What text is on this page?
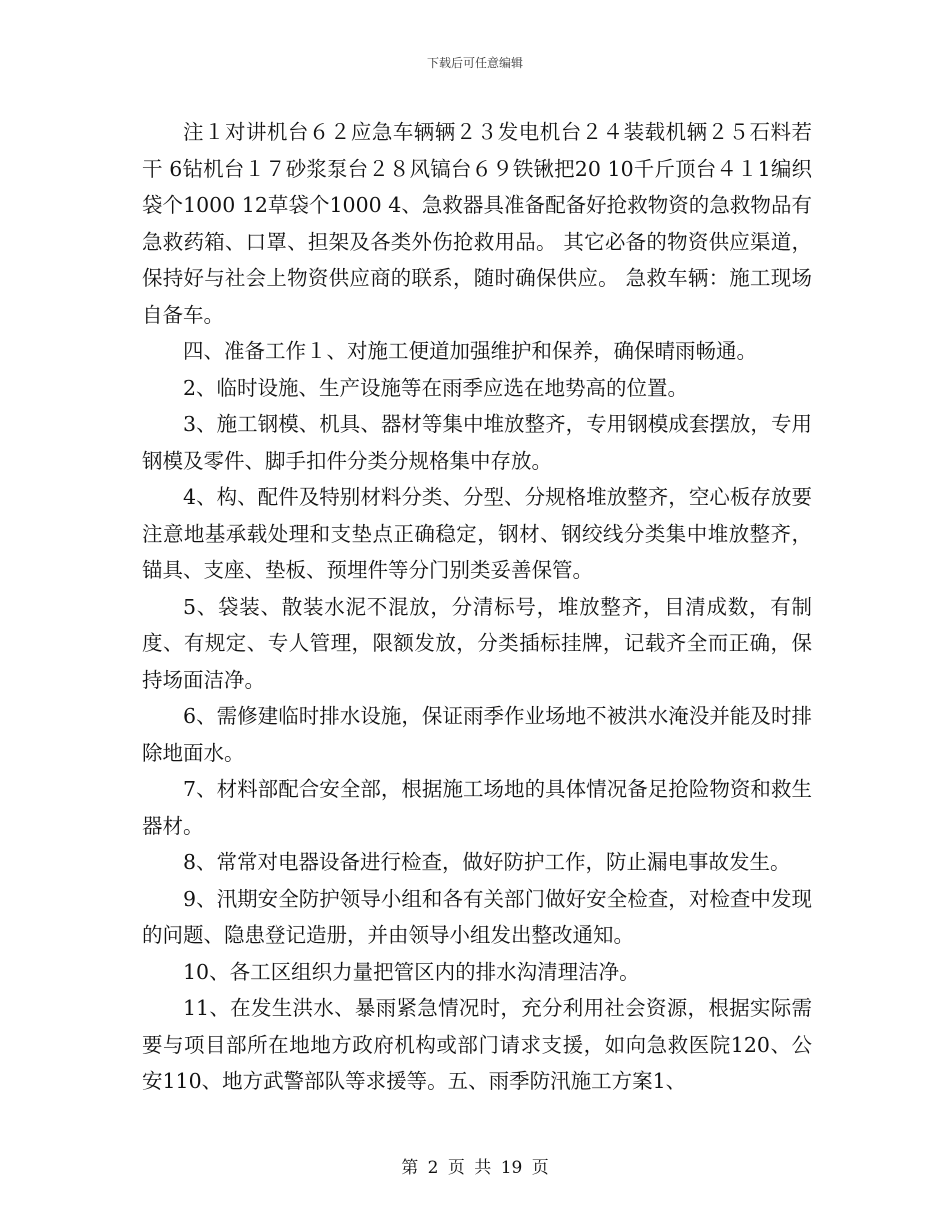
下载后可任意编辑

注１对讲机台６２应急车辆辆２３发电机台２４装载机辆２５石料若干 6钻机台１７砂浆泵台２８风镐台６９铁锹把20 10千斤顶台４１1编织袋个1000 12草袋个1000 4、急救器具准备配备好抢救物资的急救物品有急救药箱、口罩、担架及各类外伤抢救用品。 其它必备的物资供应渠道，保持好与社会上物资供应商的联系，随时确保供应。 急救车辆：施工现场自备车。

四、准备工作１、对施工便道加强维护和保养，确保晴雨畅通。

2、临时设施、生产设施等在雨季应选在地势高的位置。

3、施工钢模、机具、器材等集中堆放整齐，专用钢模成套摆放，专用钢模及零件、脚手扣件分类分规格集中存放。

4、构、配件及特别材料分类、分型、分规格堆放整齐，空心板存放要注意地基承载处理和支垫点正确稳定，钢材、钢绞线分类集中堆放整齐，锚具、支座、垫板、预埋件等分门别类妥善保管。

5、袋装、散装水泥不混放，分清标号，堆放整齐，目清成数，有制度、有规定、专人管理，限额发放，分类插标挂牌，记载齐全而正确，保持场面洁净。

6、需修建临时排水设施，保证雨季作业场地不被洪水淹没并能及时排除地面水。

7、材料部配合安全部，根据施工场地的具体情况备足抢险物资和救生器材。

8、常常对电器设备进行检查，做好防护工作，防止漏电事故发生。

9、汛期安全防护领导小组和各有关部门做好安全检查，对检查中发现的问题、隐患登记造册，并由领导小组发出整改通知。

10、各工区组织力量把管区内的排水沟清理洁净。

11、在发生洪水、暴雨紧急情况时，充分利用社会资源，根据实际需要与项目部所在地地方政府机构或部门请求支援，如向急救医院120、公安110、地方武警部队等求援等。五、雨季防汛施工方案1、

第 2 页 共 19 页
